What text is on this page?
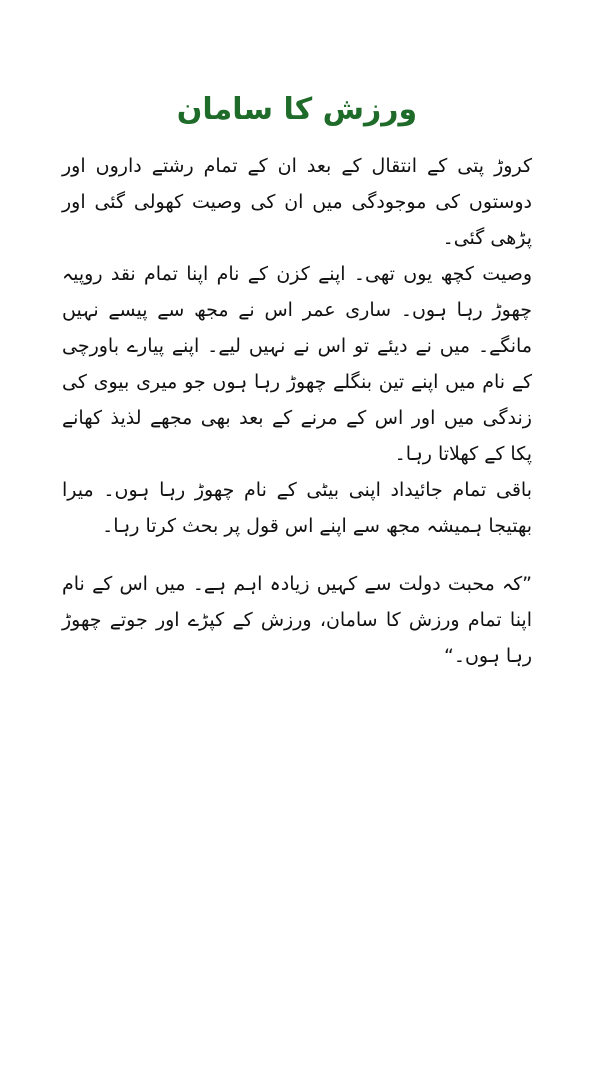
ورزش کا سامان

کروڑ پتی کے انتقال کے بعد ان کے تمام رشتے داروں اور دوستوں کی موجودگی میں ان کی وصیت کھولی گئی اور پڑھی گئی۔

وصیت کچھ یوں تھی۔ اپنے کزن کے نام اپنا تمام نقد روپیہ چھوڑ رہا ہوں۔ ساری عمر اس نے مجھ سے پیسے نہیں مانگے۔ میں نے دیئے تو اس نے نہیں لیے۔ اپنے پیارے باورچی کے نام میں اپنے تین بنگلے چھوڑ رہا ہوں جو میری بیوی کی زندگی میں اور اس کے مرنے کے بعد بھی مجھے لذیذ کھانے پکا کے کھلاتا رہا۔

باقی تمام جائیداد اپنی بیٹی کے نام چھوڑ رہا ہوں۔ میرا بھتیجا ہمیشہ مجھ سے اپنے اس قول پر بحث کرتا رہا۔

”کہ محبت دولت سے کہیں زیادہ اہم ہے۔ میں اس کے نام اپنا تمام ورزش کا سامان، ورزش کے کپڑے اور جوتے چھوڑ رہا ہوں۔“
